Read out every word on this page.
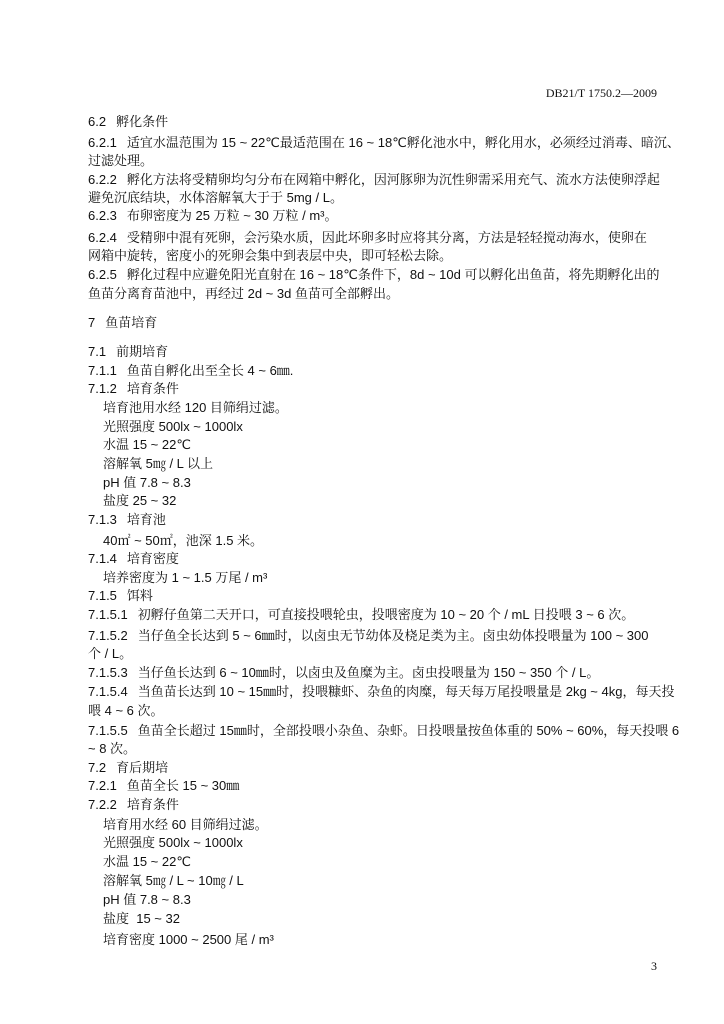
DB21/T 1750.2—2009
6.2 孵化条件
6.2.1 适宜水温范围为 15 ~ 22℃最适范围在 16 ~ 18℃孵化池水中，孵化用水，必须经过消毒、暗沉、
过滤处理。
6.2.2 孵化方法将受精卵均匀分布在网箱中孵化，因河豚卵为沉性卵需采用充气、流水方法使卵浮起
避免沉底结块，水体溶解氧大于于 5mg / L。
6.2.3 布卵密度为 25 万粒 ~ 30 万粒 / m³。
6.2.4 受精卵中混有死卵，会污染水质，因此坏卵多时应将其分离，方法是轻轻搅动海水，使卵在
网箱中旋转，密度小的死卵会集中到表层中央，即可轻松去除。
6.2.5 孵化过程中应避免阳光直射在 16 ~ 18℃条件下，8d ~ 10d 可以孵化出鱼苗，将先期孵化出的
鱼苗分离育苗池中，再经过 2d ~ 3d 鱼苗可全部孵出。
7 鱼苗培育
7.1 前期培育
7.1.1 鱼苗自孵化出至全长 4 ~ 6㎜.
7.1.2 培育条件
培育池用水经 120 目筛绢过滤。
光照强度 500lx ~ 1000lx
水温 15 ~ 22℃
溶解氧 5㎎ / L 以上
pH 值 7.8 ~ 8.3
盐度 25 ~ 32
7.1.3 培育池
40㎡ ~ 50㎡，池深 1.5 米。
7.1.4 培育密度
培养密度为 1 ~ 1.5 万尾 / m³
7.1.5 饵料
7.1.5.1 初孵仔鱼第二天开口，可直接投喂轮虫，投喂密度为 10 ~ 20 个 / mL 日投喂 3 ~ 6 次。
7.1.5.2 当仔鱼全长达到 5 ~ 6㎜时，以卤虫无节幼体及桡足类为主。卤虫幼体投喂量为 100 ~ 300
个 / L。
7.1.5.3 当仔鱼长达到 6 ~ 10㎜时，以卤虫及鱼糜为主。卤虫投喂量为 150 ~ 350 个 / L。
7.1.5.4 当鱼苗长达到 10 ~ 15㎜时，投喂糠虾、杂鱼的肉糜，每天每万尾投喂量是 2kg ~ 4kg，每天投
喂 4 ~ 6 次。
7.1.5.5 鱼苗全长超过 15㎜时，全部投喂小杂鱼、杂虾。日投喂量按鱼体重的 50% ~ 60%，每天投喂 6
~ 8 次。
7.2 育后期培
7.2.1 鱼苗全长 15 ~ 30㎜
7.2.2 培育条件
培育用水经 60 目筛绢过滤。
光照强度 500lx ~ 1000lx
水温 15 ~ 22℃
溶解氧 5㎎ / L ~ 10㎎ / L
pH 值 7.8 ~ 8.3
盐度  15 ~ 32
培育密度 1000 ~ 2500 尾 / m³
3
